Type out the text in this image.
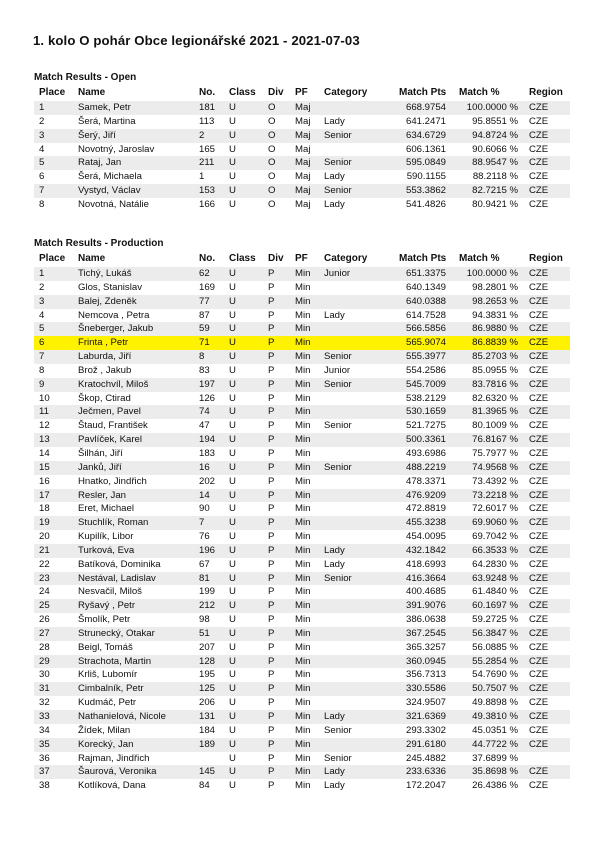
1. kolo O pohár Obce legionářské 2021 - 2021-07-03
Match Results - Open
Place	Name	No.	Class	Div	PF	Category	Match Pts	Match %	Region
1	Samek, Petr	181	U	O	Maj		668.9754	100.0000 %	CZE
2	Šerá, Martina	113	U	O	Maj	Lady	641.2471	95.8551 %	CZE
3	Šerý, Jiří	2	U	O	Maj	Senior	634.6729	94.8724 %	CZE
4	Novotný, Jaroslav	165	U	O	Maj		606.1361	90.6066 %	CZE
5	Rataj, Jan	211	U	O	Maj	Senior	595.0849	88.9547 %	CZE
6	Šerá, Michaela	1	U	O	Maj	Lady	590.1155	88.2118 %	CZE
7	Vystyd, Václav	153	U	O	Maj	Senior	553.3862	82.7215 %	CZE
8	Novotná, Natálie	166	U	O	Maj	Lady	541.4826	80.9421 %	CZE
Match Results - Production
Place	Name	No.	Class	Div	PF	Category	Match Pts	Match %	Region
1	Tichý, Lukáš	62	U	P	Min	Junior	651.3375	100.0000 %	CZE
2	Glos, Stanislav	169	U	P	Min		640.1349	98.2801 %	CZE
3	Balej, Zdeněk	77	U	P	Min		640.0388	98.2653 %	CZE
4	Nemcova , Petra	87	U	P	Min	Lady	614.7528	94.3831 %	CZE
5	Šneberger, Jakub	59	U	P	Min		566.5856	86.9880 %	CZE
6	Frinta , Petr	71	U	P	Min		565.9074	86.8839 %	CZE
7	Laburda, Jiří	8	U	P	Min	Senior	555.3977	85.2703 %	CZE
8	Brož , Jakub	83	U	P	Min	Junior	554.2586	85.0955 %	CZE
9	Kratochvíl, Miloš	197	U	P	Min	Senior	545.7009	83.7816 %	CZE
10	Škop, Ctirad	126	U	P	Min		538.2129	82.6320 %	CZE
11	Ječmen, Pavel	74	U	P	Min		530.1659	81.3965 %	CZE
12	Štaud, František	47	U	P	Min	Senior	521.7275	80.1009 %	CZE
13	Pavlíček, Karel	194	U	P	Min		500.3361	76.8167 %	CZE
14	Šilhán, Jiří	183	U	P	Min		493.6986	75.7977 %	CZE
15	Janků, Jiří	16	U	P	Min	Senior	488.2219	74.9568 %	CZE
16	Hnatko, Jindřich	202	U	P	Min		478.3371	73.4392 %	CZE
17	Resler, Jan	14	U	P	Min		476.9209	73.2218 %	CZE
18	Eret, Michael	90	U	P	Min		472.8819	72.6017 %	CZE
19	Stuchlík, Roman	7	U	P	Min		455.3238	69.9060 %	CZE
20	Kupilík, Libor	76	U	P	Min		454.0095	69.7042 %	CZE
21	Turková, Eva	196	U	P	Min	Lady	432.1842	66.3533 %	CZE
22	Batíková, Dominika	67	U	P	Min	Lady	418.6993	64.2830 %	CZE
23	Nestával, Ladislav	81	U	P	Min	Senior	416.3664	63.9248 %	CZE
24	Nesvačil, Miloš	199	U	P	Min		400.4685	61.4840 %	CZE
25	Ryšavý , Petr	212	U	P	Min		391.9076	60.1697 %	CZE
26	Šmolík, Petr	98	U	P	Min		386.0638	59.2725 %	CZE
27	Strunecký, Otakar	51	U	P	Min		367.2545	56.3847 %	CZE
28	Beigl, Tomáš	207	U	P	Min		365.3257	56.0885 %	CZE
29	Strachota, Martin	128	U	P	Min		360.0945	55.2854 %	CZE
30	Krliš, Lubomír	195	U	P	Min		356.7313	54.7690 %	CZE
31	Cimbalník, Petr	125	U	P	Min		330.5586	50.7507 %	CZE
32	Kudmáč, Petr	206	U	P	Min		324.9507	49.8898 %	CZE
33	Nathanielová, Nicole	131	U	P	Min	Lady	321.6369	49.3810 %	CZE
34	Žídek, Milan	184	U	P	Min	Senior	293.3302	45.0351 %	CZE
35	Korecký, Jan	189	U	P	Min		291.6180	44.7722 %	CZE
36	Rajman, Jindřich		U	P	Min	Senior	245.4882	37.6899 %	
37	Šaurová, Veronika	145	U	P	Min	Lady	233.6336	35.8698 %	CZE
38	Kotlíková, Dana	84	U	P	Min	Lady	172.2047	26.4386 %	CZE
